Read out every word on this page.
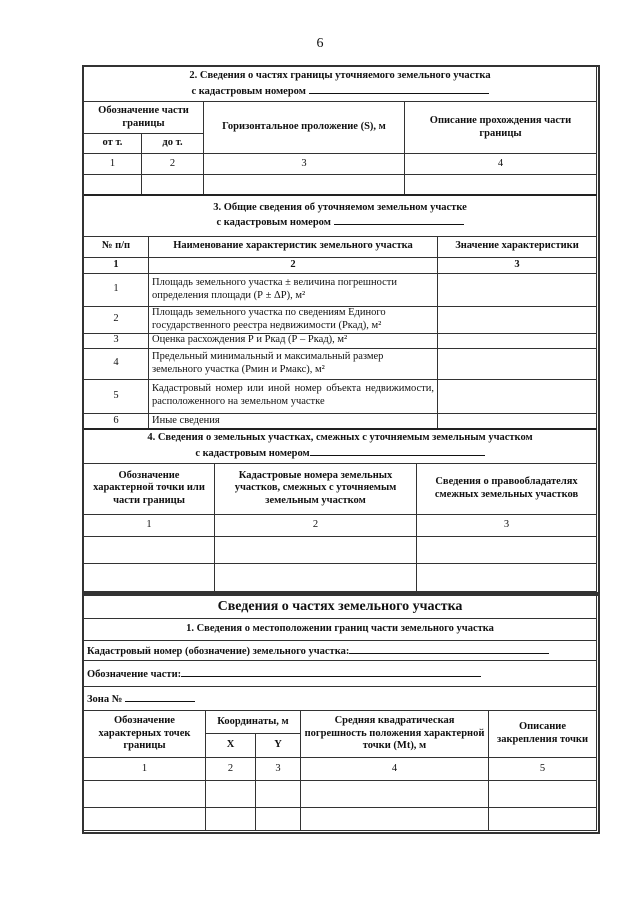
6
2. Сведения о частях границы уточняемого земельного участка
с кадастровым номером			
Обозначение части границы		Горизонтальное проложение (S), м	Описание прохождения части границы
от т.	до т.		
1	2	3	4

3. Общие сведения об уточняемом земельном участке
с кадастровым номером		
№ п/п	Наименование характеристик земельного участка	Значение характеристики
1	2	3
1	Площадь земельного участка ± величина погрешности определения площади (Р ± ΔР), м²	
2	Площадь земельного участка по сведениям Единого государственного реестра недвижимости (Ркад), м²	
3	Оценка расхождения Р и Ркад (Р – Ркад), м²	
4	Предельный минимальный и максимальный размер земельного участка (Рмин и Рмакс), м²	
5	Кадастровый номер или иной номер объекта недвижимости, расположенного на земельном участке	
6	Иные сведения	
4. Сведения о земельных участках, смежных с уточняемым земельным участком
с кадастровым номером		
Обозначение характерной точки или части границы	Кадастровые номера земельных участков, смежных с уточняемым земельным участком	Сведения о правообладателях смежных земельных участков
1	2	3

Сведения о частях земельного участка				
1. Сведения о местоположении границ части земельного участка				
Кадастровый номер (обозначение) земельного участка:				
Обозначение части:				
Зона №				
Обозначение характерных точек границы	Координаты, м		Средняя квадратическая погрешность положения характерной точки (Mt), м	Описание закрепления точки
	X	Y		
1	2	3	4	5
